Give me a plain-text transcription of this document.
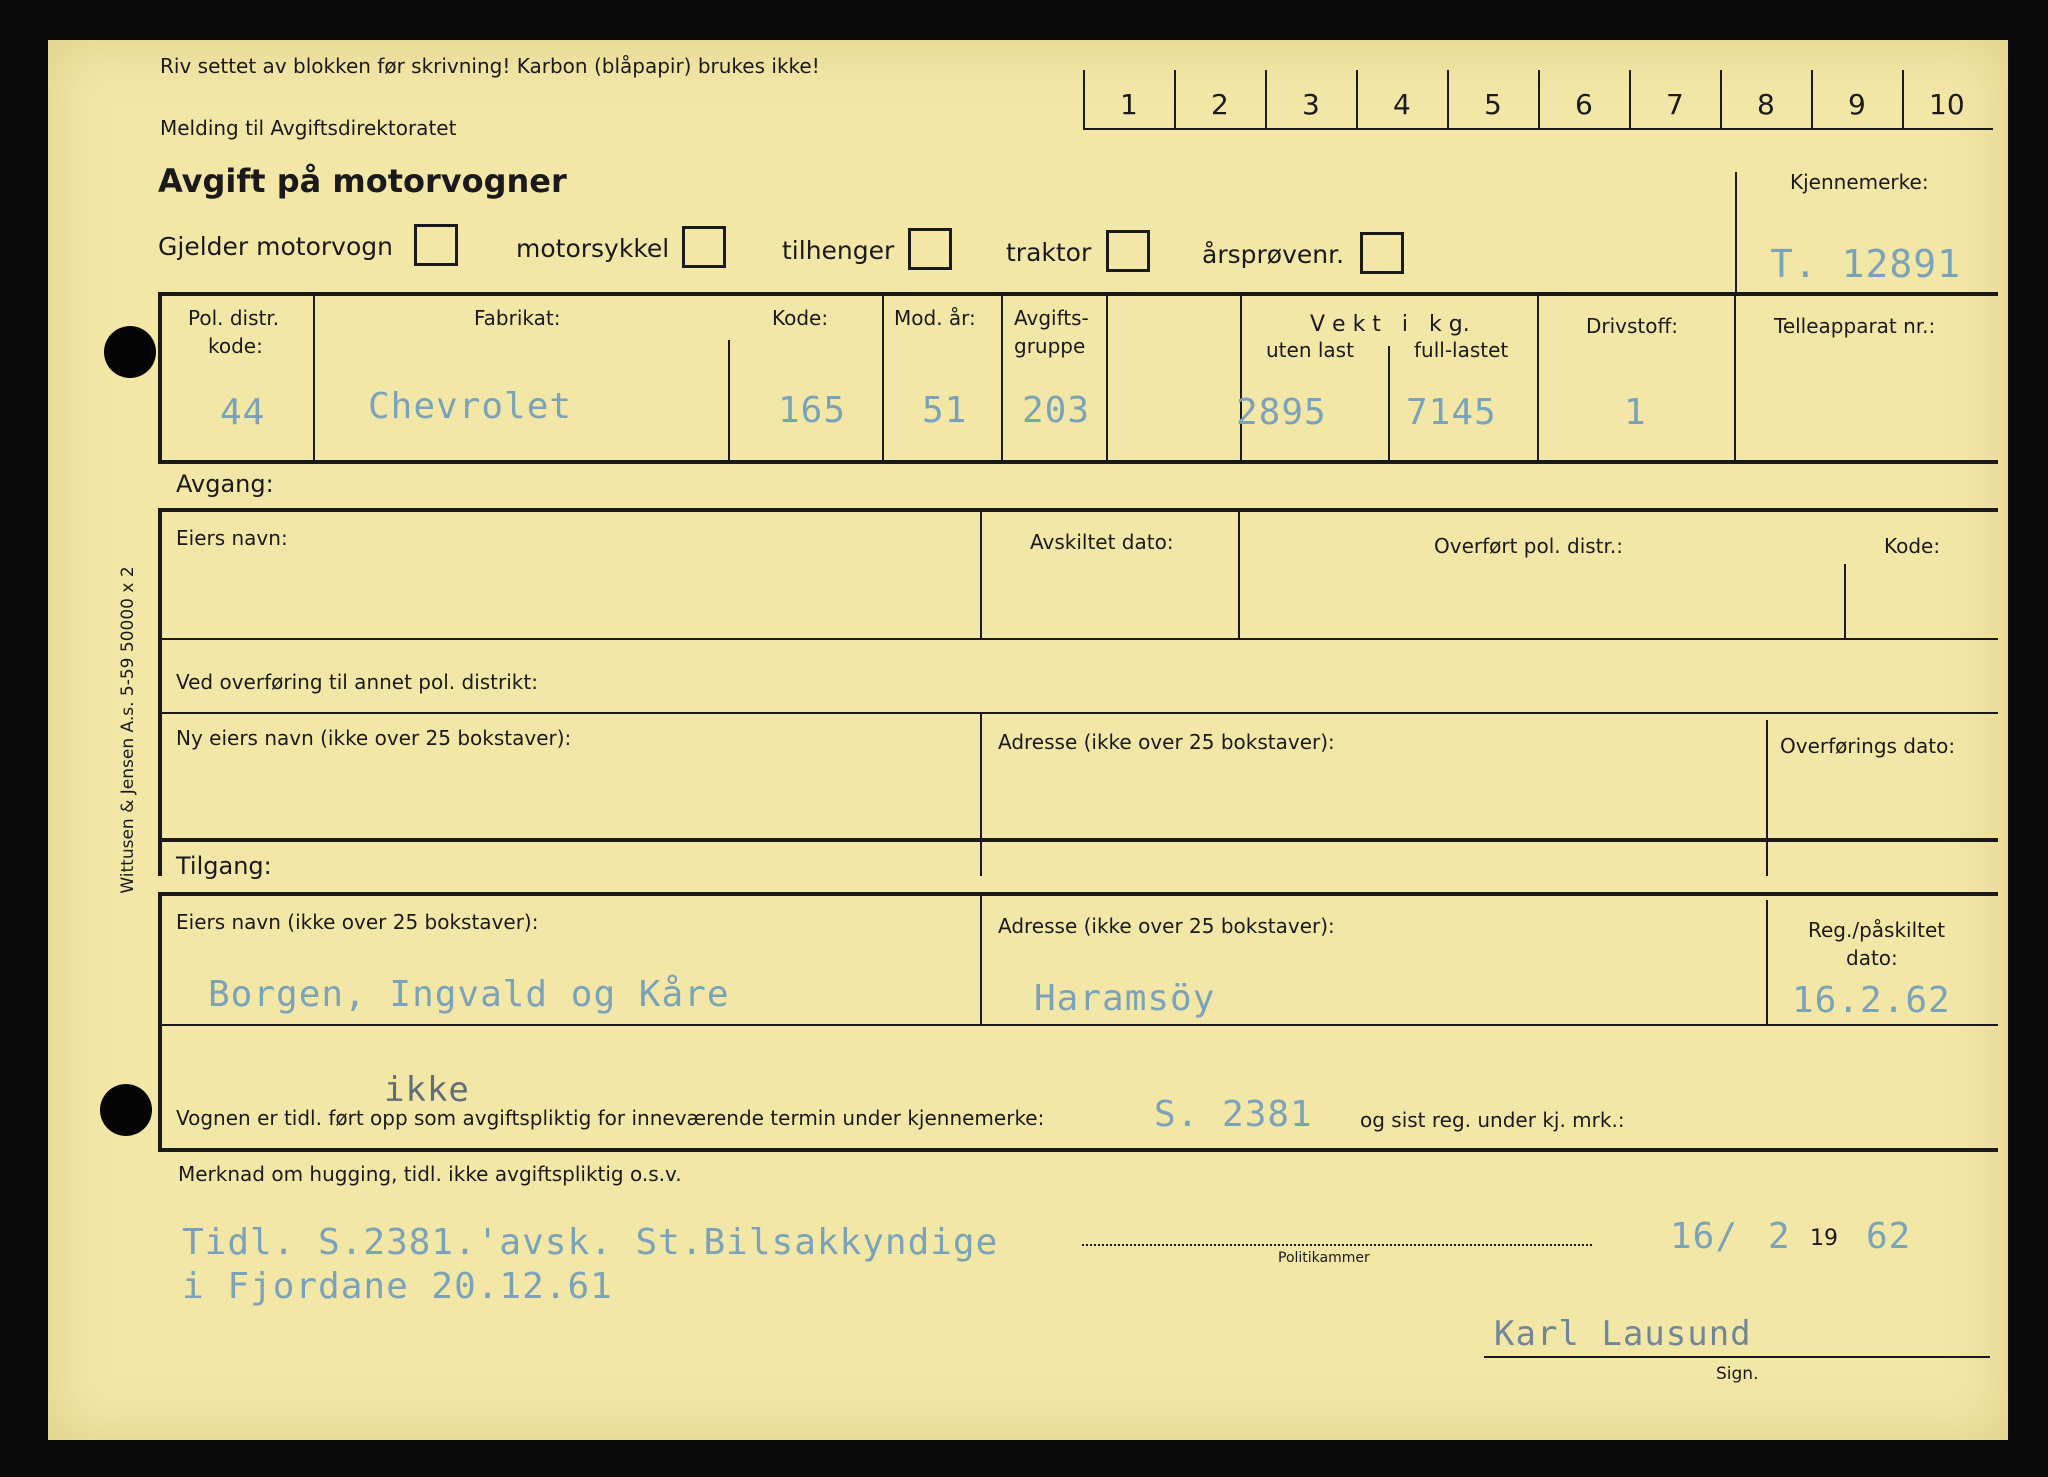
Wittusen & Jensen A.s. 5-59 50000 x 2
Riv settet av blokken før skrivning! Karbon (blåpapir) brukes ikke!
Melding til Avgiftsdirektoratet
Avgift på motorvogner
1	2	3	4	5	6	7	8	9 10
Kjennemerke:
T. 12891
Gjelder motorvogn	motorsykkel	tilhenger	traktor	årsprøvenr.
Pol. distr.
kode:
44
Fabrikat:
Chevrolet
Kode:
165
Mod. år:
51
Avgifts-
gruppe
203
V e k t   i   k g.
uten last	full-lastet
2895 7145
Drivstoff:
1
Telleapparat nr.:
Avgang:
Eiers navn:	Avskiltet dato:	Overført pol. distr.:	Kode:
Ved overføring til annet pol. distrikt:
Ny eiers navn (ikke over 25 bokstaver):	Adresse (ikke over 25 bokstaver):	Overførings dato:
Tilgang:
Eiers navn (ikke over 25 bokstaver):
Borgen, Ingvald og Kåre
Adresse (ikke over 25 bokstaver):
Haramsöy
Reg./påskiltet
dato:
16.2.62
ikke
Vognen er tidl. ført opp som avgiftspliktig for inneværende termin under kjennemerke:	S. 2381 og sist reg. under kj. mrk.:
Merknad om hugging, tidl. ikke avgiftspliktig o.s.v.
Tidl. S.2381.'avsk. St.Bilsakkyndige
i Fjordane 20.12.61
Politikammer
16/ 2 19 62
Karl Lausund
Sign.
